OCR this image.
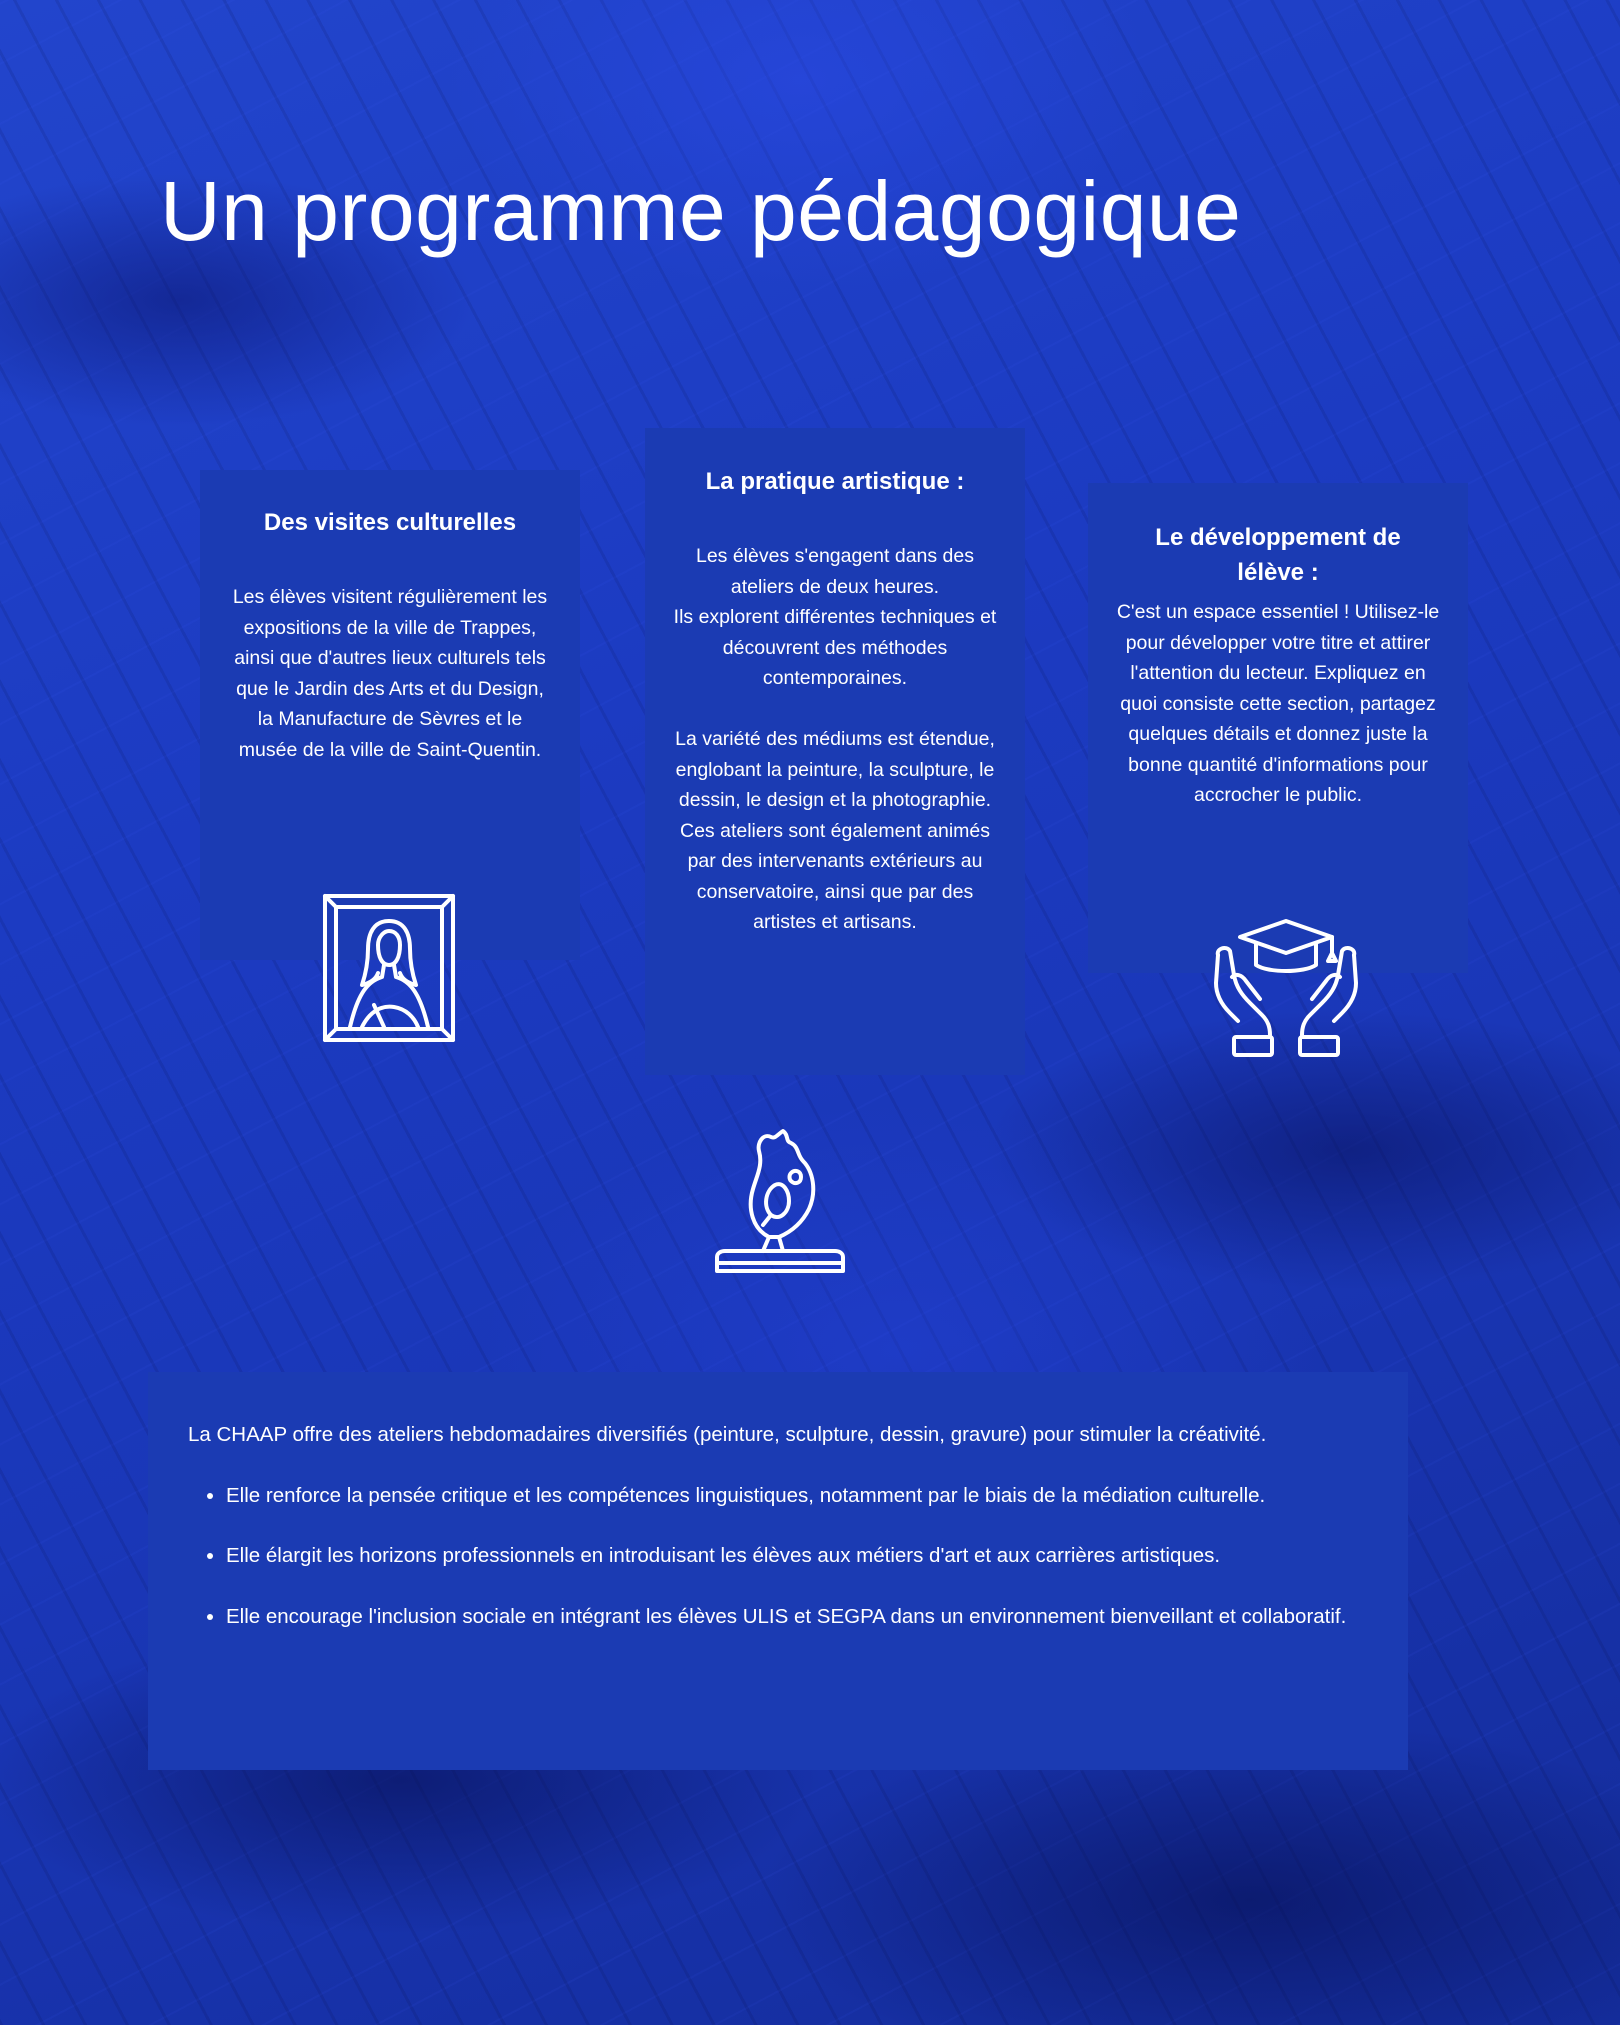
Un programme pédagogique
Des visites culturelles

Les élèves visitent régulièrement les expositions de la ville de Trappes, ainsi que d'autres lieux culturels tels que le Jardin des Arts et du Design, la Manufacture de Sèvres et le musée de la ville de Saint-Quentin.

La pratique artistique :

Les élèves s'engagent dans des ateliers de deux heures.
Ils explorent différentes techniques et découvrent des méthodes contemporaines.

La variété des médiums est étendue, englobant la peinture, la sculpture, le dessin, le design et la photographie. Ces ateliers sont également animés par des intervenants extérieurs au conservatoire, ainsi que par des artistes et artisans.

Le développement de lélève :

C'est un espace essentiel ! Utilisez-le pour développer votre titre et attirer l'attention du lecteur. Expliquez en quoi consiste cette section, partagez quelques détails et donnez juste la bonne quantité d'informations pour accrocher le public.

La CHAAP offre des ateliers hebdomadaires diversifiés (peinture, sculpture, dessin, gravure) pour stimuler la créativité.

• Elle renforce la pensée critique et les compétences linguistiques, notamment par le biais de la médiation culturelle.
• Elle élargit les horizons professionnels en introduisant les élèves aux métiers d'art et aux carrières artistiques.
• Elle encourage l'inclusion sociale en intégrant les élèves ULIS et SEGPA dans un environnement bienveillant et collaboratif.
